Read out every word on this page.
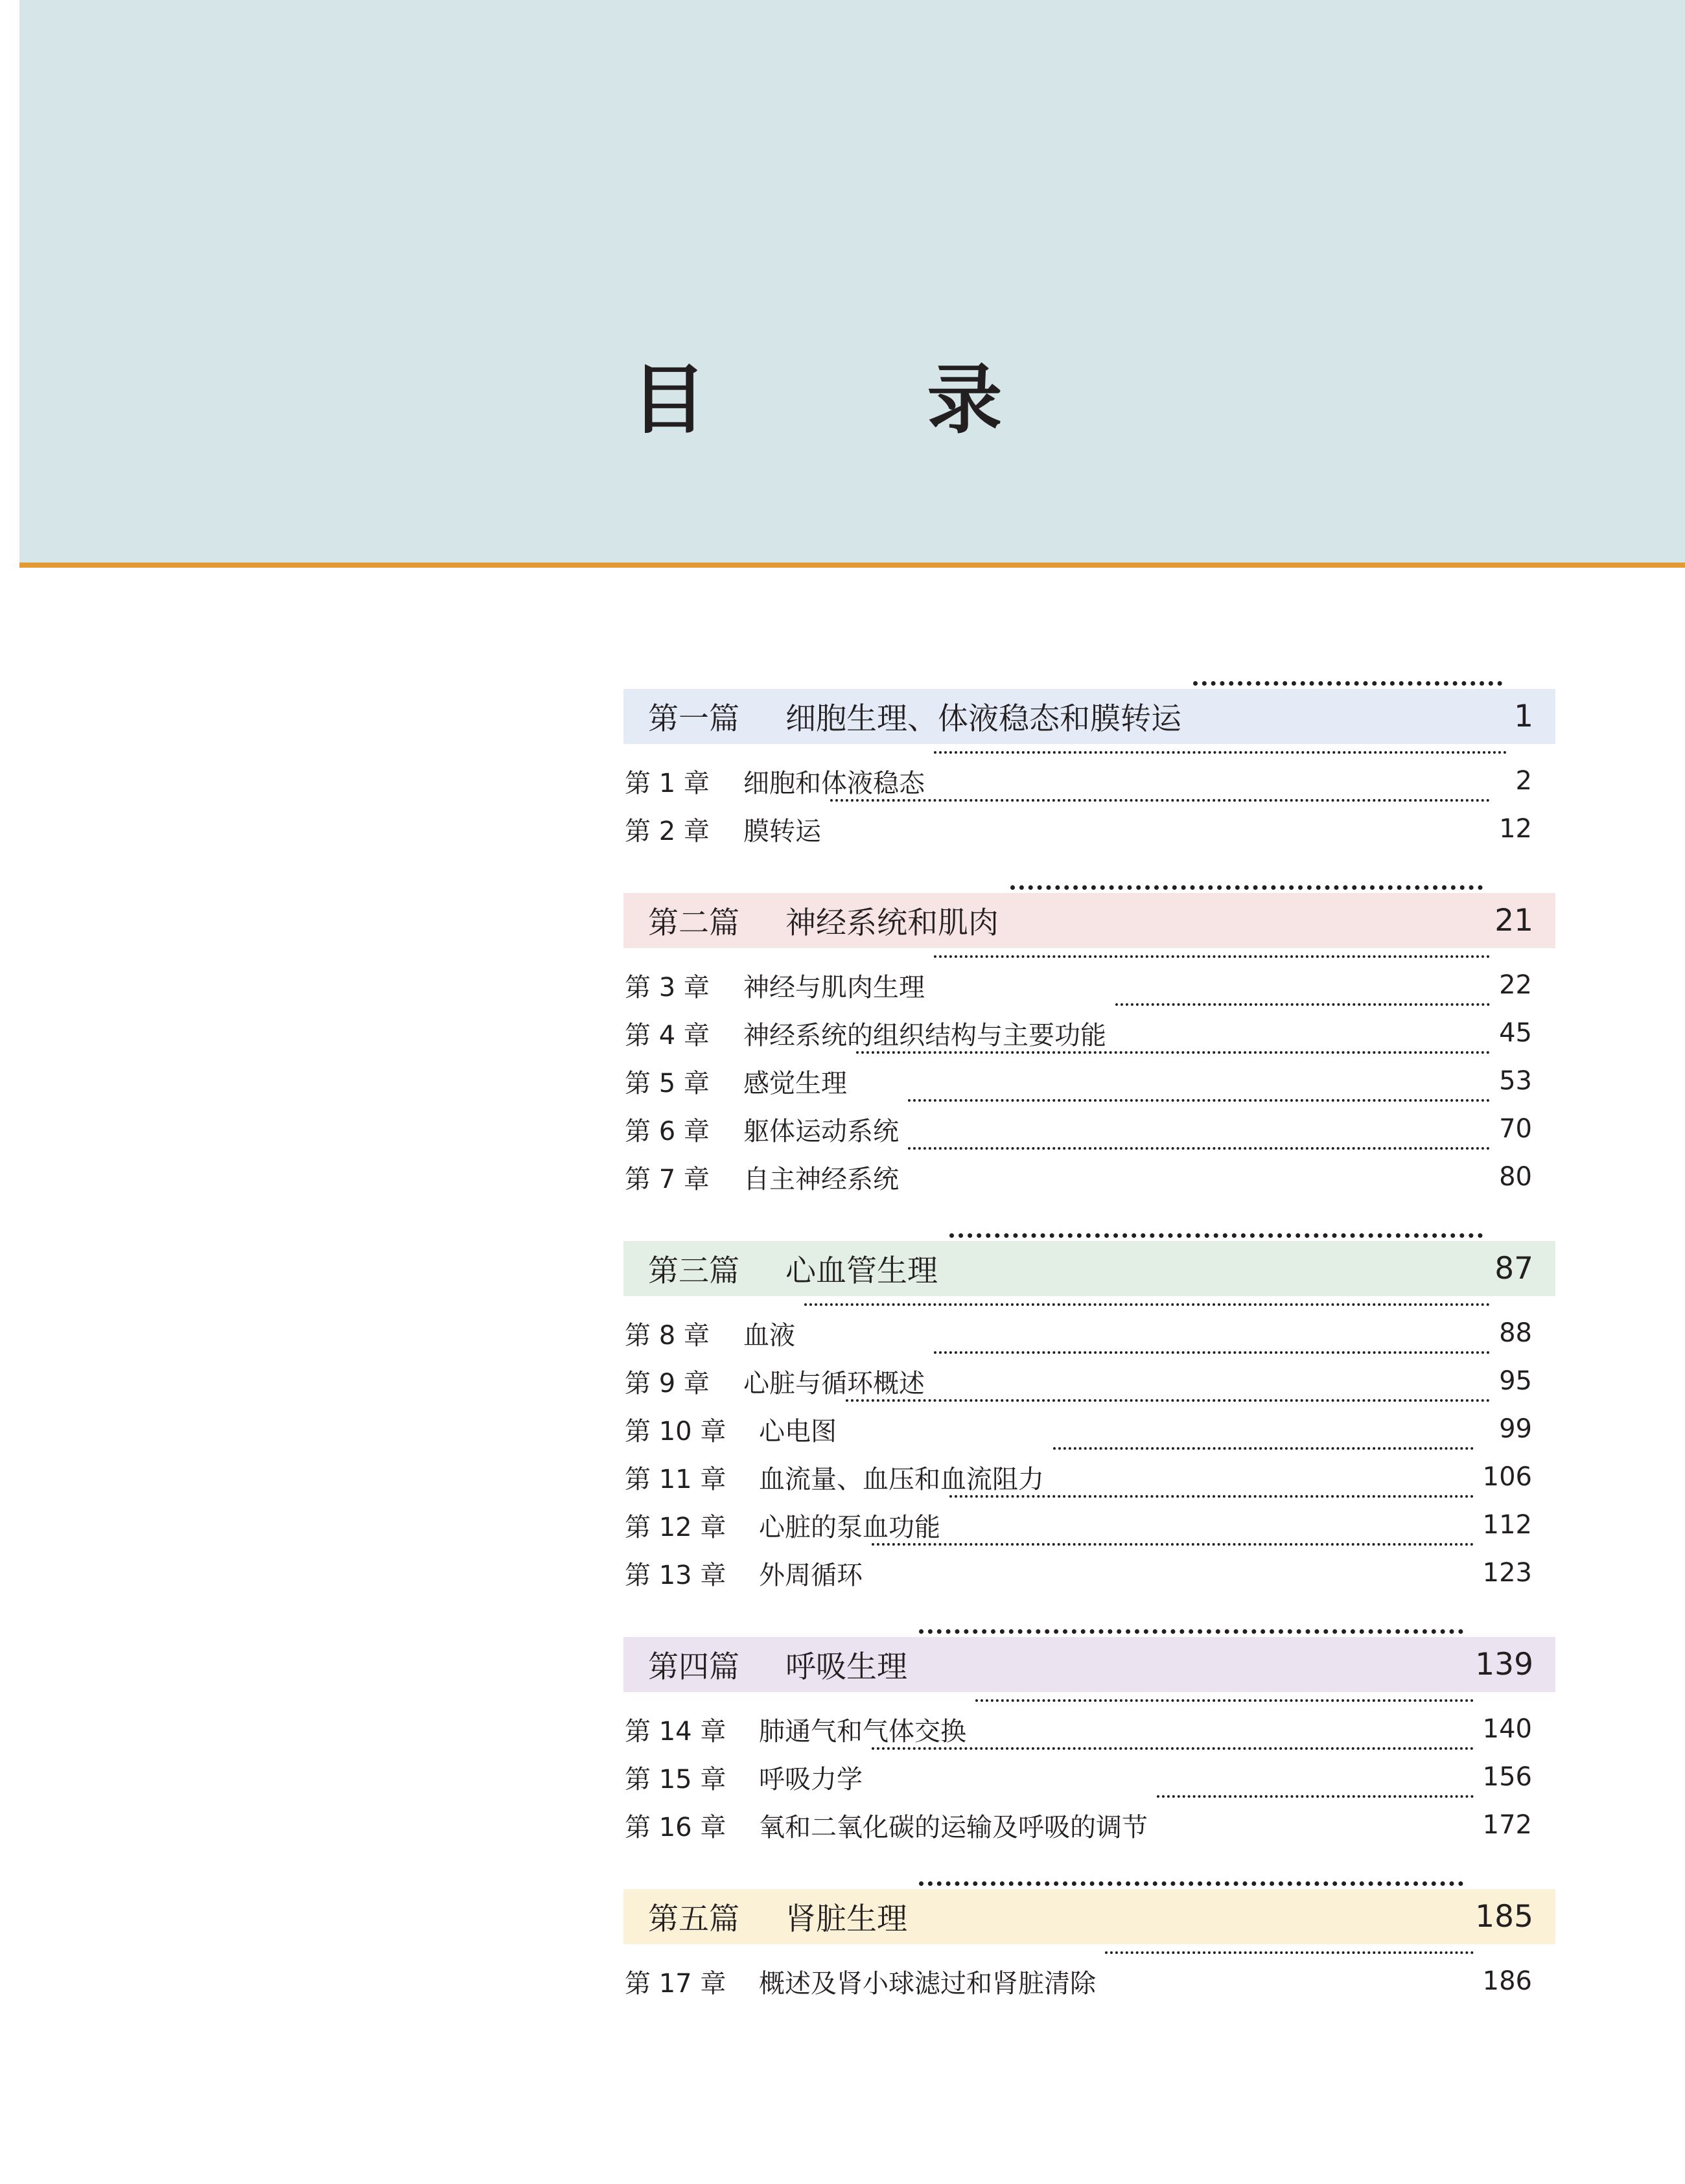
目 录
第一篇	细胞生理、体液稳态和膜转运	1
第 1 章	细胞和体液稳态	2
第 2 章	膜转运	12
第二篇	神经系统和肌肉	21
第 3 章	神经与肌肉生理	22
第 4 章	神经系统的组织结构与主要功能	45
第 5 章	感觉生理	53
第 6 章	躯体运动系统	70
第 7 章	自主神经系统	80
第三篇	心血管生理	87
第 8 章	血液	88
第 9 章	心脏与循环概述	95
第 10 章	心电图	99
第 11 章	血流量、血压和血流阻力	106
第 12 章	心脏的泵血功能	112
第 13 章	外周循环	123
第四篇	呼吸生理	139
第 14 章	肺通气和气体交换	140
第 15 章	呼吸力学	156
第 16 章	氧和二氧化碳的运输及呼吸的调节	172
第五篇	肾脏生理	185
第 17 章	概述及肾小球滤过和肾脏清除	186
